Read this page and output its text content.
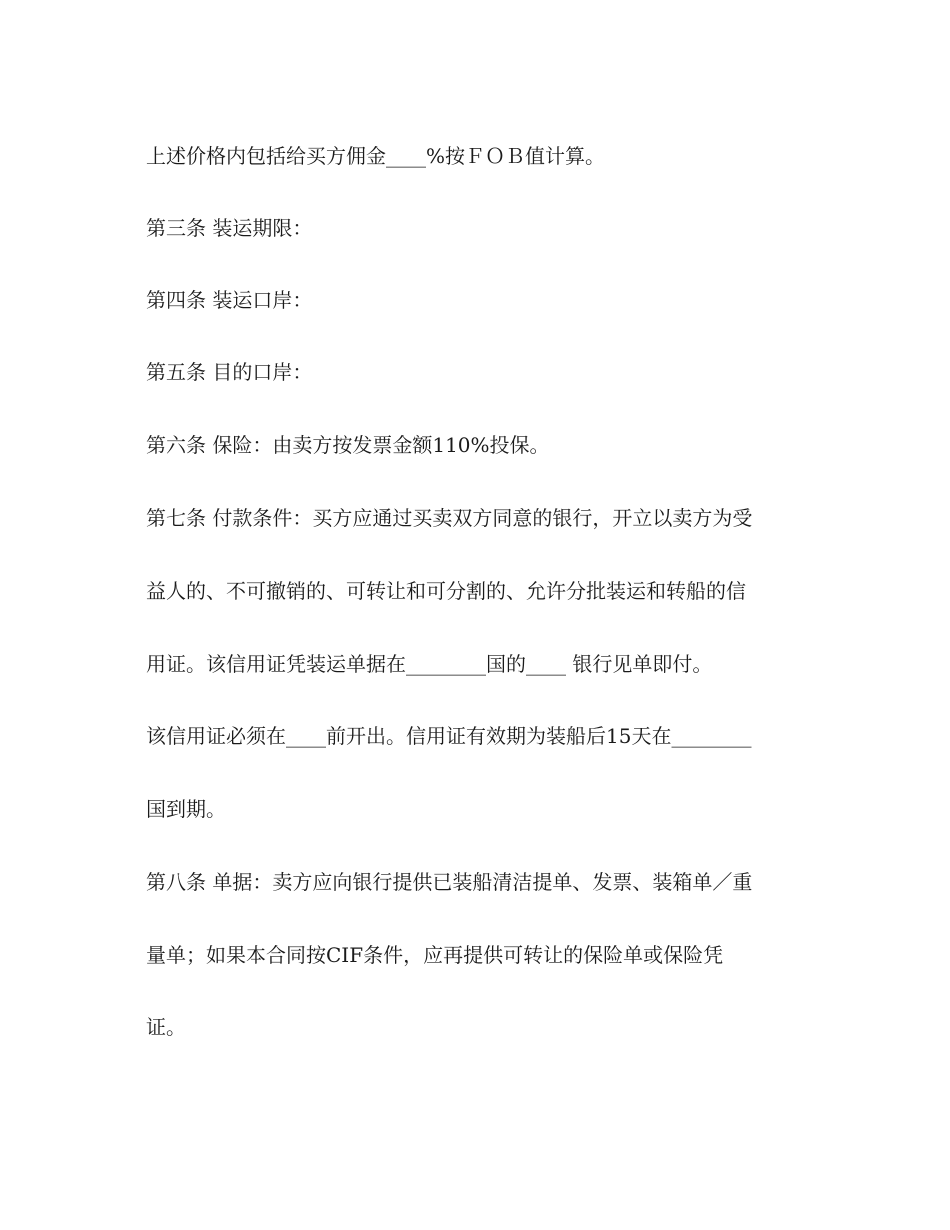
上述价格内包括给买方佣金____%按ＦＯＢ值计算。
第三条 装运期限：
第四条 装运口岸：
第五条 目的口岸：
第六条 保险：由卖方按发票金额110%投保。
第七条 付款条件：买方应通过买卖双方同意的银行，开立以卖方为受
益人的、不可撤销的、可转让和可分割的、允许分批装运和转船的信
用证。该信用证凭装运单据在________国的____ 银行见单即付。
该信用证必须在____前开出。信用证有效期为装船后15天在________
国到期。
第八条 单据：卖方应向银行提供已装船清洁提单、发票、装箱单／重
量单；如果本合同按CIF条件，应再提供可转让的保险单或保险凭
证。
